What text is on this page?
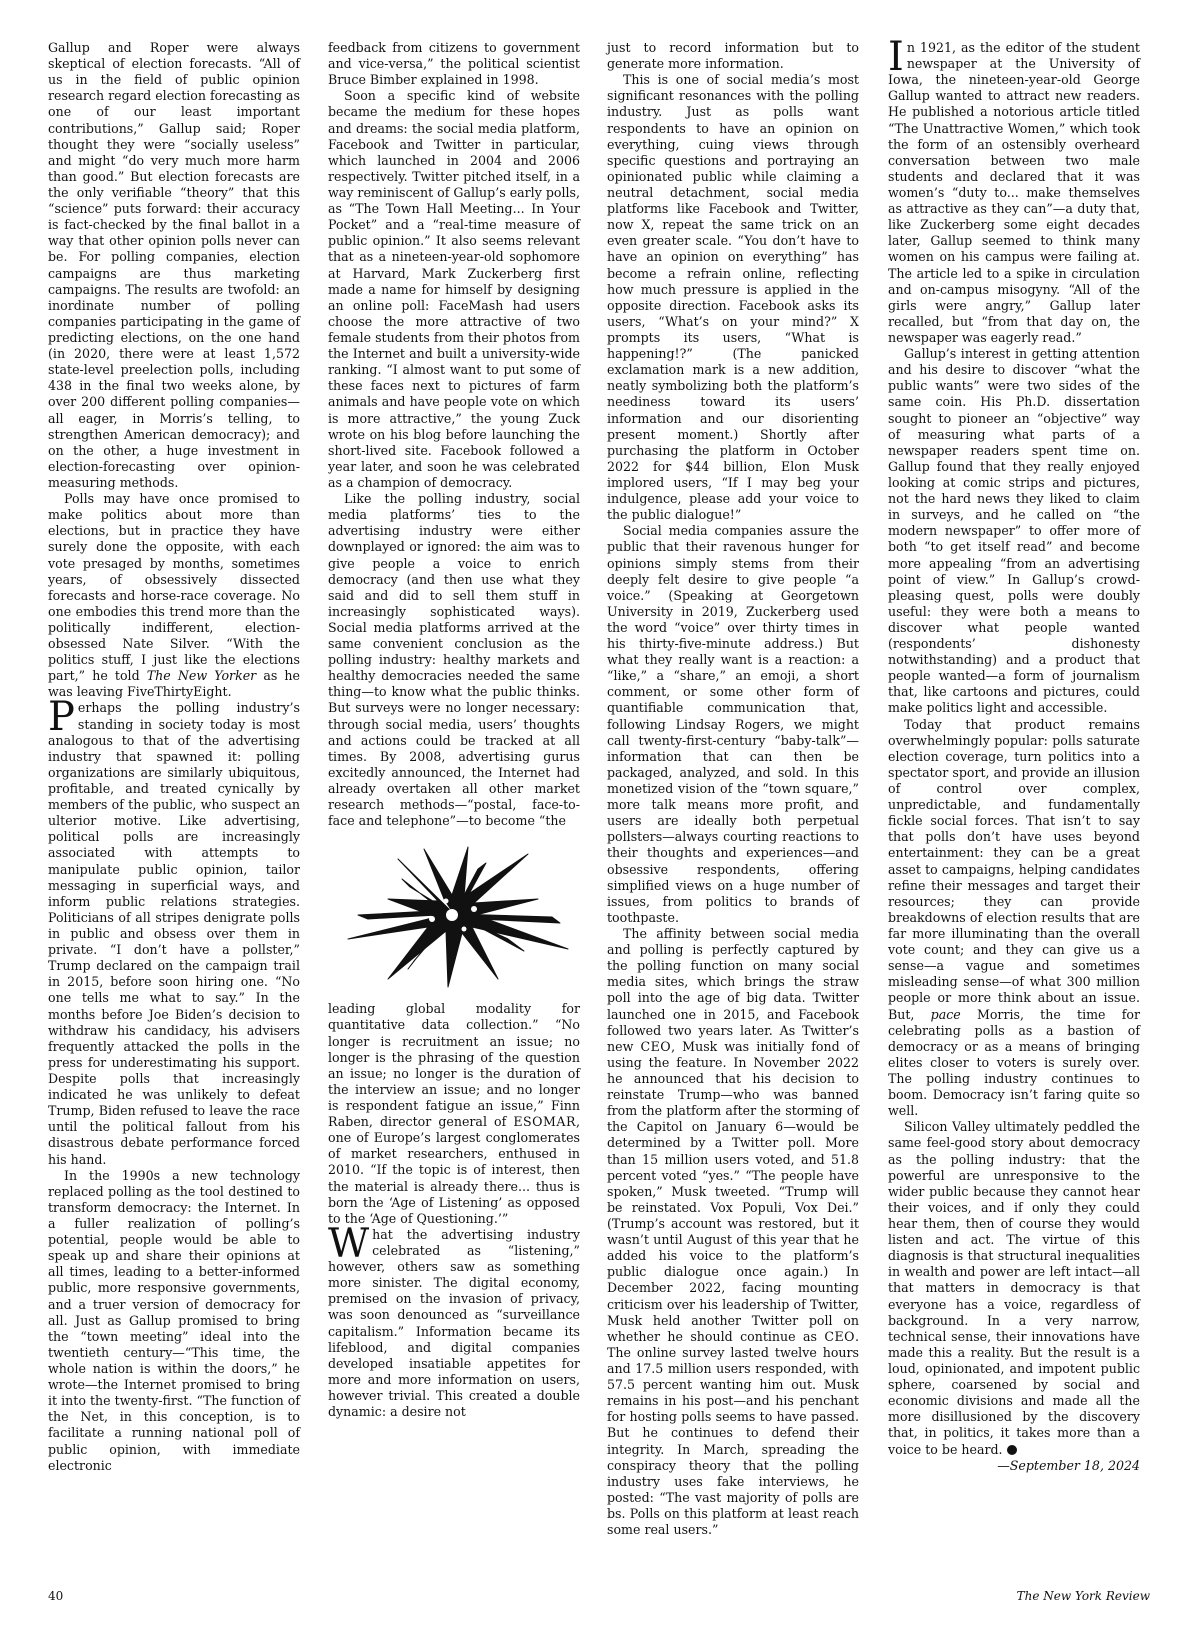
Gallup and Roper were always skeptical of election forecasts. “All of us in the field of public opinion research regard election forecasting as one of our least important contributions,” Gallup said; Roper thought they were “socially useless” and might “do very much more harm than good.” But election forecasts are the only verifiable “theory” that this “science” puts forward: their accuracy is fact-checked by the final ballot in a way that other opinion polls never can be. For polling companies, election campaigns are thus marketing campaigns. The results are twofold: an inordinate number of polling companies participating in the game of predicting elections, on the one hand (in 2020, there were at least 1,572 state-level preelection polls, including 438 in the final two weeks alone, by over 200 different polling companies—all eager, in Morris’s telling, to strengthen American democracy); and on the other, a huge investment in election-forecasting over opinion-measuring methods.

Polls may have once promised to make politics about more than elections, but in practice they have surely done the opposite, with each vote presaged by months, sometimes years, of obsessively dissected forecasts and horse-race coverage. No one embodies this trend more than the politically indifferent, election-obsessed Nate Silver. “With the politics stuff, I just like the elections part,” he told The New Yorker as he was leaving FiveThirtyEight.

Perhaps the polling industry’s standing in society today is most analogous to that of the advertising industry that spawned it: polling organizations are similarly ubiquitous, profitable, and treated cynically by members of the public, who suspect an ulterior motive. Like advertising, political polls are increasingly associated with attempts to manipulate public opinion, tailor messaging in superficial ways, and inform public relations strategies. Politicians of all stripes denigrate polls in public and obsess over them in private. “I don’t have a pollster,” Trump declared on the campaign trail in 2015, before soon hiring one. “No one tells me what to say.” In the months before Joe Biden’s decision to withdraw his candidacy, his advisers frequently attacked the polls in the press for underestimating his support. Despite polls that increasingly indicated he was unlikely to defeat Trump, Biden refused to leave the race until the political fallout from his disastrous debate performance forced his hand.

In the 1990s a new technology replaced polling as the tool destined to transform democracy: the Internet. In a fuller realization of polling’s potential, people would be able to speak up and share their opinions at all times, leading to a better-informed public, more responsive governments, and a truer version of democracy for all. Just as Gallup promised to bring the “town meeting” ideal into the twentieth century—“This time, the whole nation is within the doors,” he wrote—the Internet promised to bring it into the twenty-first. “The function of the Net, in this conception, is to facilitate a running national poll of public opinion, with immediate electronic

feedback from citizens to government and vice-versa,” the political scientist Bruce Bimber explained in 1998.

Soon a specific kind of website became the medium for these hopes and dreams: the social media platform, Facebook and Twitter in particular, which launched in 2004 and 2006 respectively. Twitter pitched itself, in a way reminiscent of Gallup’s early polls, as “The Town Hall Meeting... In Your Pocket” and a “real-time measure of public opinion.” It also seems relevant that as a nineteen-year-old sophomore at Harvard, Mark Zuckerberg first made a name for himself by designing an online poll: FaceMash had users choose the more attractive of two female students from their photos from the Internet and built a university-wide ranking. “I almost want to put some of these faces next to pictures of farm animals and have people vote on which is more attractive,” the young Zuck wrote on his blog before launching the short-lived site. Facebook followed a year later, and soon he was celebrated as a champion of democracy.

Like the polling industry, social media platforms’ ties to the advertising industry were either downplayed or ignored: the aim was to give people a voice to enrich democracy (and then use what they said and did to sell them stuff in increasingly sophisticated ways). Social media platforms arrived at the same convenient conclusion as the polling industry: healthy markets and healthy democracies needed the same thing—to know what the public thinks. But surveys were no longer necessary: through social media, users’ thoughts and actions could be tracked at all times. By 2008, advertising gurus excitedly announced, the Internet had already overtaken all other market research methods—“postal, face-to-face and telephone”—to become “the

leading global modality for quantitative data collection.” “No longer is recruitment an issue; no longer is the phrasing of the question an issue; no longer is the duration of the interview an issue; and no longer is respondent fatigue an issue,” Finn Raben, director general of ESOMAR, one of Europe’s largest conglomerates of market researchers, enthused in 2010. “If the topic is of interest, then the material is already there... thus is born the ‘Age of Listening’ as opposed to the ‘Age of Questioning.’”

What the advertising industry celebrated as “listening,” however, others saw as something more sinister. The digital economy, premised on the invasion of privacy, was soon denounced as “surveillance capitalism.” Information became its lifeblood, and digital companies developed insatiable appetites for more and more information on users, however trivial. This created a double dynamic: a desire not

just to record information but to generate more information.

This is one of social media’s most significant resonances with the polling industry. Just as polls want respondents to have an opinion on everything, cuing views through specific questions and portraying an opinionated public while claiming a neutral detachment, social media platforms like Facebook and Twitter, now X, repeat the same trick on an even greater scale. “You don’t have to have an opinion on everything” has become a refrain online, reflecting how much pressure is applied in the opposite direction. Facebook asks its users, “What’s on your mind?” X prompts its users, “What is happening!?” (The panicked exclamation mark is a new addition, neatly symbolizing both the platform’s neediness toward its users’ information and our disorienting present moment.) Shortly after purchasing the platform in October 2022 for $44 billion, Elon Musk implored users, “If I may beg your indulgence, please add your voice to the public dialogue!”

Social media companies assure the public that their ravenous hunger for opinions simply stems from their deeply felt desire to give people “a voice.” (Speaking at Georgetown University in 2019, Zuckerberg used the word “voice” over thirty times in his thirty-five-minute address.) But what they really want is a reaction: a “like,” a “share,” an emoji, a short comment, or some other form of quantifiable communication that, following Lindsay Rogers, we might call twenty-first-century “baby-talk”—information that can then be packaged, analyzed, and sold. In this monetized vision of the “town square,” more talk means more profit, and users are ideally both perpetual pollsters—always courting reactions to their thoughts and experiences—and obsessive respondents, offering simplified views on a huge number of issues, from politics to brands of toothpaste.

The affinity between social media and polling is perfectly captured by the polling function on many social media sites, which brings the straw poll into the age of big data. Twitter launched one in 2015, and Facebook followed two years later. As Twitter’s new CEO, Musk was initially fond of using the feature. In November 2022 he announced that his decision to reinstate Trump—who was banned from the platform after the storming of the Capitol on January 6—would be determined by a Twitter poll. More than 15 million users voted, and 51.8 percent voted “yes.” “The people have spoken,” Musk tweeted. “Trump will be reinstated. Vox Populi, Vox Dei.” (Trump’s account was restored, but it wasn’t until August of this year that he added his voice to the platform’s public dialogue once again.) In December 2022, facing mounting criticism over his leadership of Twitter, Musk held another Twitter poll on whether he should continue as CEO. The online survey lasted twelve hours and 17.5 million users responded, with 57.5 percent wanting him out. Musk remains in his post—and his penchant for hosting polls seems to have passed. But he continues to defend their integrity. In March, spreading the conspiracy theory that the polling industry uses fake interviews, he posted: “The vast majority of polls are bs. Polls on this platform at least reach some real users.”

In 1921, as the editor of the student newspaper at the University of Iowa, the nineteen-year-old George Gallup wanted to attract new readers. He published a notorious article titled “The Unattractive Women,” which took the form of an ostensibly overheard conversation between two male students and declared that it was women’s “duty to... make themselves as attractive as they can”—a duty that, like Zuckerberg some eight decades later, Gallup seemed to think many women on his campus were failing at. The article led to a spike in circulation and on-campus misogyny. “All of the girls were angry,” Gallup later recalled, but “from that day on, the newspaper was eagerly read.”

Gallup’s interest in getting attention and his desire to discover “what the public wants” were two sides of the same coin. His Ph.D. dissertation sought to pioneer an “objective” way of measuring what parts of a newspaper readers spent time on. Gallup found that they really enjoyed looking at comic strips and pictures, not the hard news they liked to claim in surveys, and he called on “the modern newspaper” to offer more of both “to get itself read” and become more appealing “from an advertising point of view.” In Gallup’s crowd-pleasing quest, polls were doubly useful: they were both a means to discover what people wanted (respondents’ dishonesty notwithstanding) and a product that people wanted—a form of journalism that, like cartoons and pictures, could make politics light and accessible.

Today that product remains overwhelmingly popular: polls saturate election coverage, turn politics into a spectator sport, and provide an illusion of control over complex, unpredictable, and fundamentally fickle social forces. That isn’t to say that polls don’t have uses beyond entertainment: they can be a great asset to campaigns, helping candidates refine their messages and target their resources; they can provide breakdowns of election results that are far more illuminating than the overall vote count; and they can give us a sense—a vague and sometimes misleading sense—of what 300 million people or more think about an issue. But, pace Morris, the time for celebrating polls as a bastion of democracy or as a means of bringing elites closer to voters is surely over. The polling industry continues to boom. Democracy isn’t faring quite so well.

Silicon Valley ultimately peddled the same feel-good story about democracy as the polling industry: that the powerful are unresponsive to the wider public because they cannot hear their voices, and if only they could hear them, then of course they would listen and act. The virtue of this diagnosis is that structural inequalities in wealth and power are left intact—all that matters in democracy is that everyone has a voice, regardless of background. In a very narrow, technical sense, their innovations have made this a reality. But the result is a loud, opinionated, and impotent public sphere, coarsened by social and economic divisions and made all the more disillusioned by the discovery that, in politics, it takes more than a voice to be heard.

—September 18, 2024

40	The New York Review
